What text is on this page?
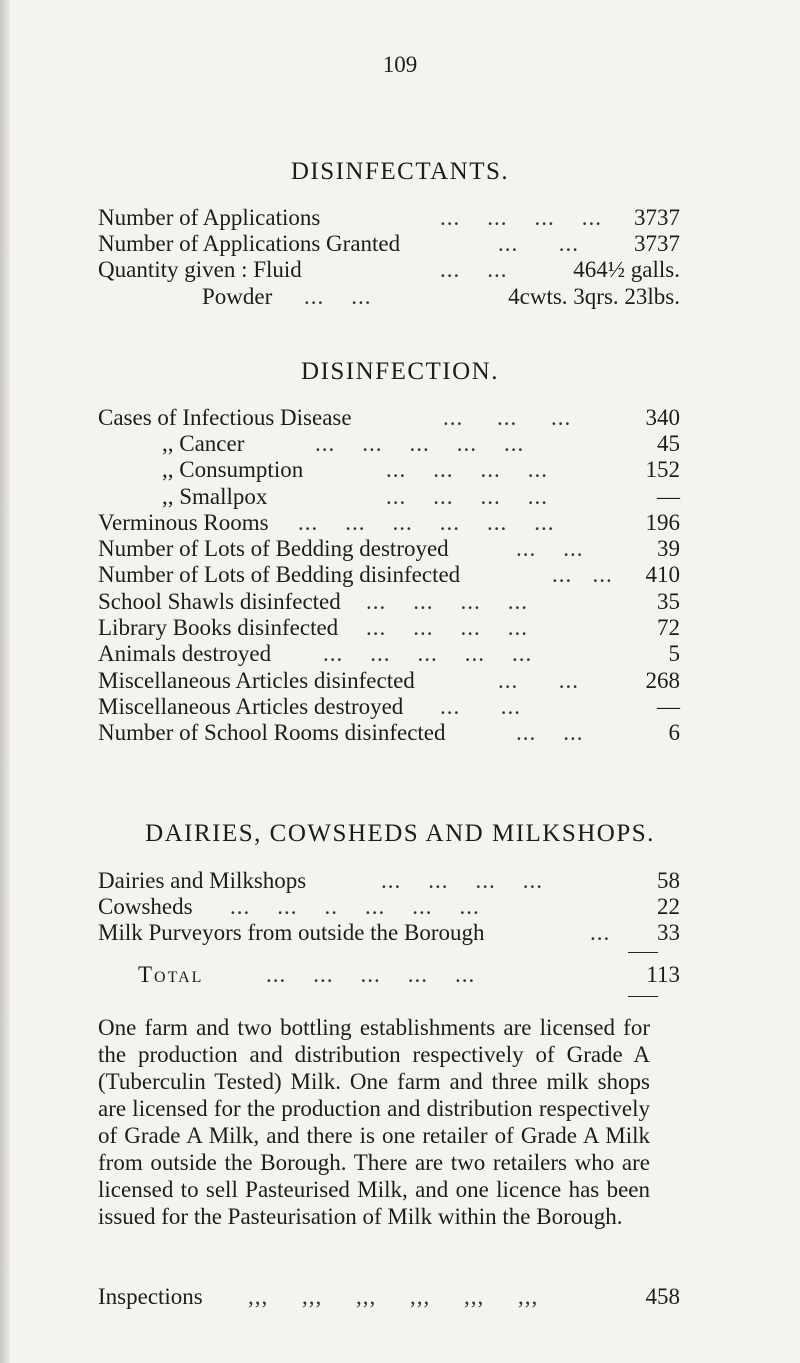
109
DISINFECTANTS.
Number of Applications	...    ...    ...    ... 3737
Number of Applications Granted	...      ... 3737
Quantity given : Fluid	...    ...	464½ galls.
Powder ...    ...	4cwts. 3qrs. 23lbs.
DISINFECTION.
Cases of Infectious Disease	...     ...     ...	340
,, Cancer	...    ...    ...    ...    ...	45
,, Consumption	...    ...    ...    ...	152
,, Smallpox	...    ...    ...    ...	—
Verminous Rooms ...    ...    ...    ...    ...    ...	196
Number of Lots of Bedding destroyed	...    ...	39
Number of Lots of Bedding disinfected	...   ... 410
School Shawls disinfected ...    ...    ...    ...	35
Library Books disinfected ...    ...    ...    ...	72
Animals destroyed ...    ...    ...    ...    ...	5
Miscellaneous Articles disinfected	...      ...	268
Miscellaneous Articles destroyed ...      ...	—
Number of School Rooms disinfected	...    ...	6
DAIRIES, COWSHEDS AND MILKSHOPS.
Dairies and Milkshops	...    ...    ...    ...	58
Cowsheds ...    ...    ..    ...    ...    ...	22
Milk Purveyors from outside the Borough	... 33
Total	...    ...    ...    ...    ...	113
One farm and two bottling establishments are licensed for the production and distribution respectively of Grade A (Tuberculin Tested) Milk. One farm and three milk shops are licensed for the production and distribution respectively of Grade A Milk, and there is one retailer of Grade A Milk from outside the Borough. There are two retailers who are licensed to sell Pasteurised Milk, and one licence has been issued for the Pasteurisation of Milk within the Borough.
Inspections ,,,     ,,,     ,,,     ,,,     ,,,     ,,,	458
